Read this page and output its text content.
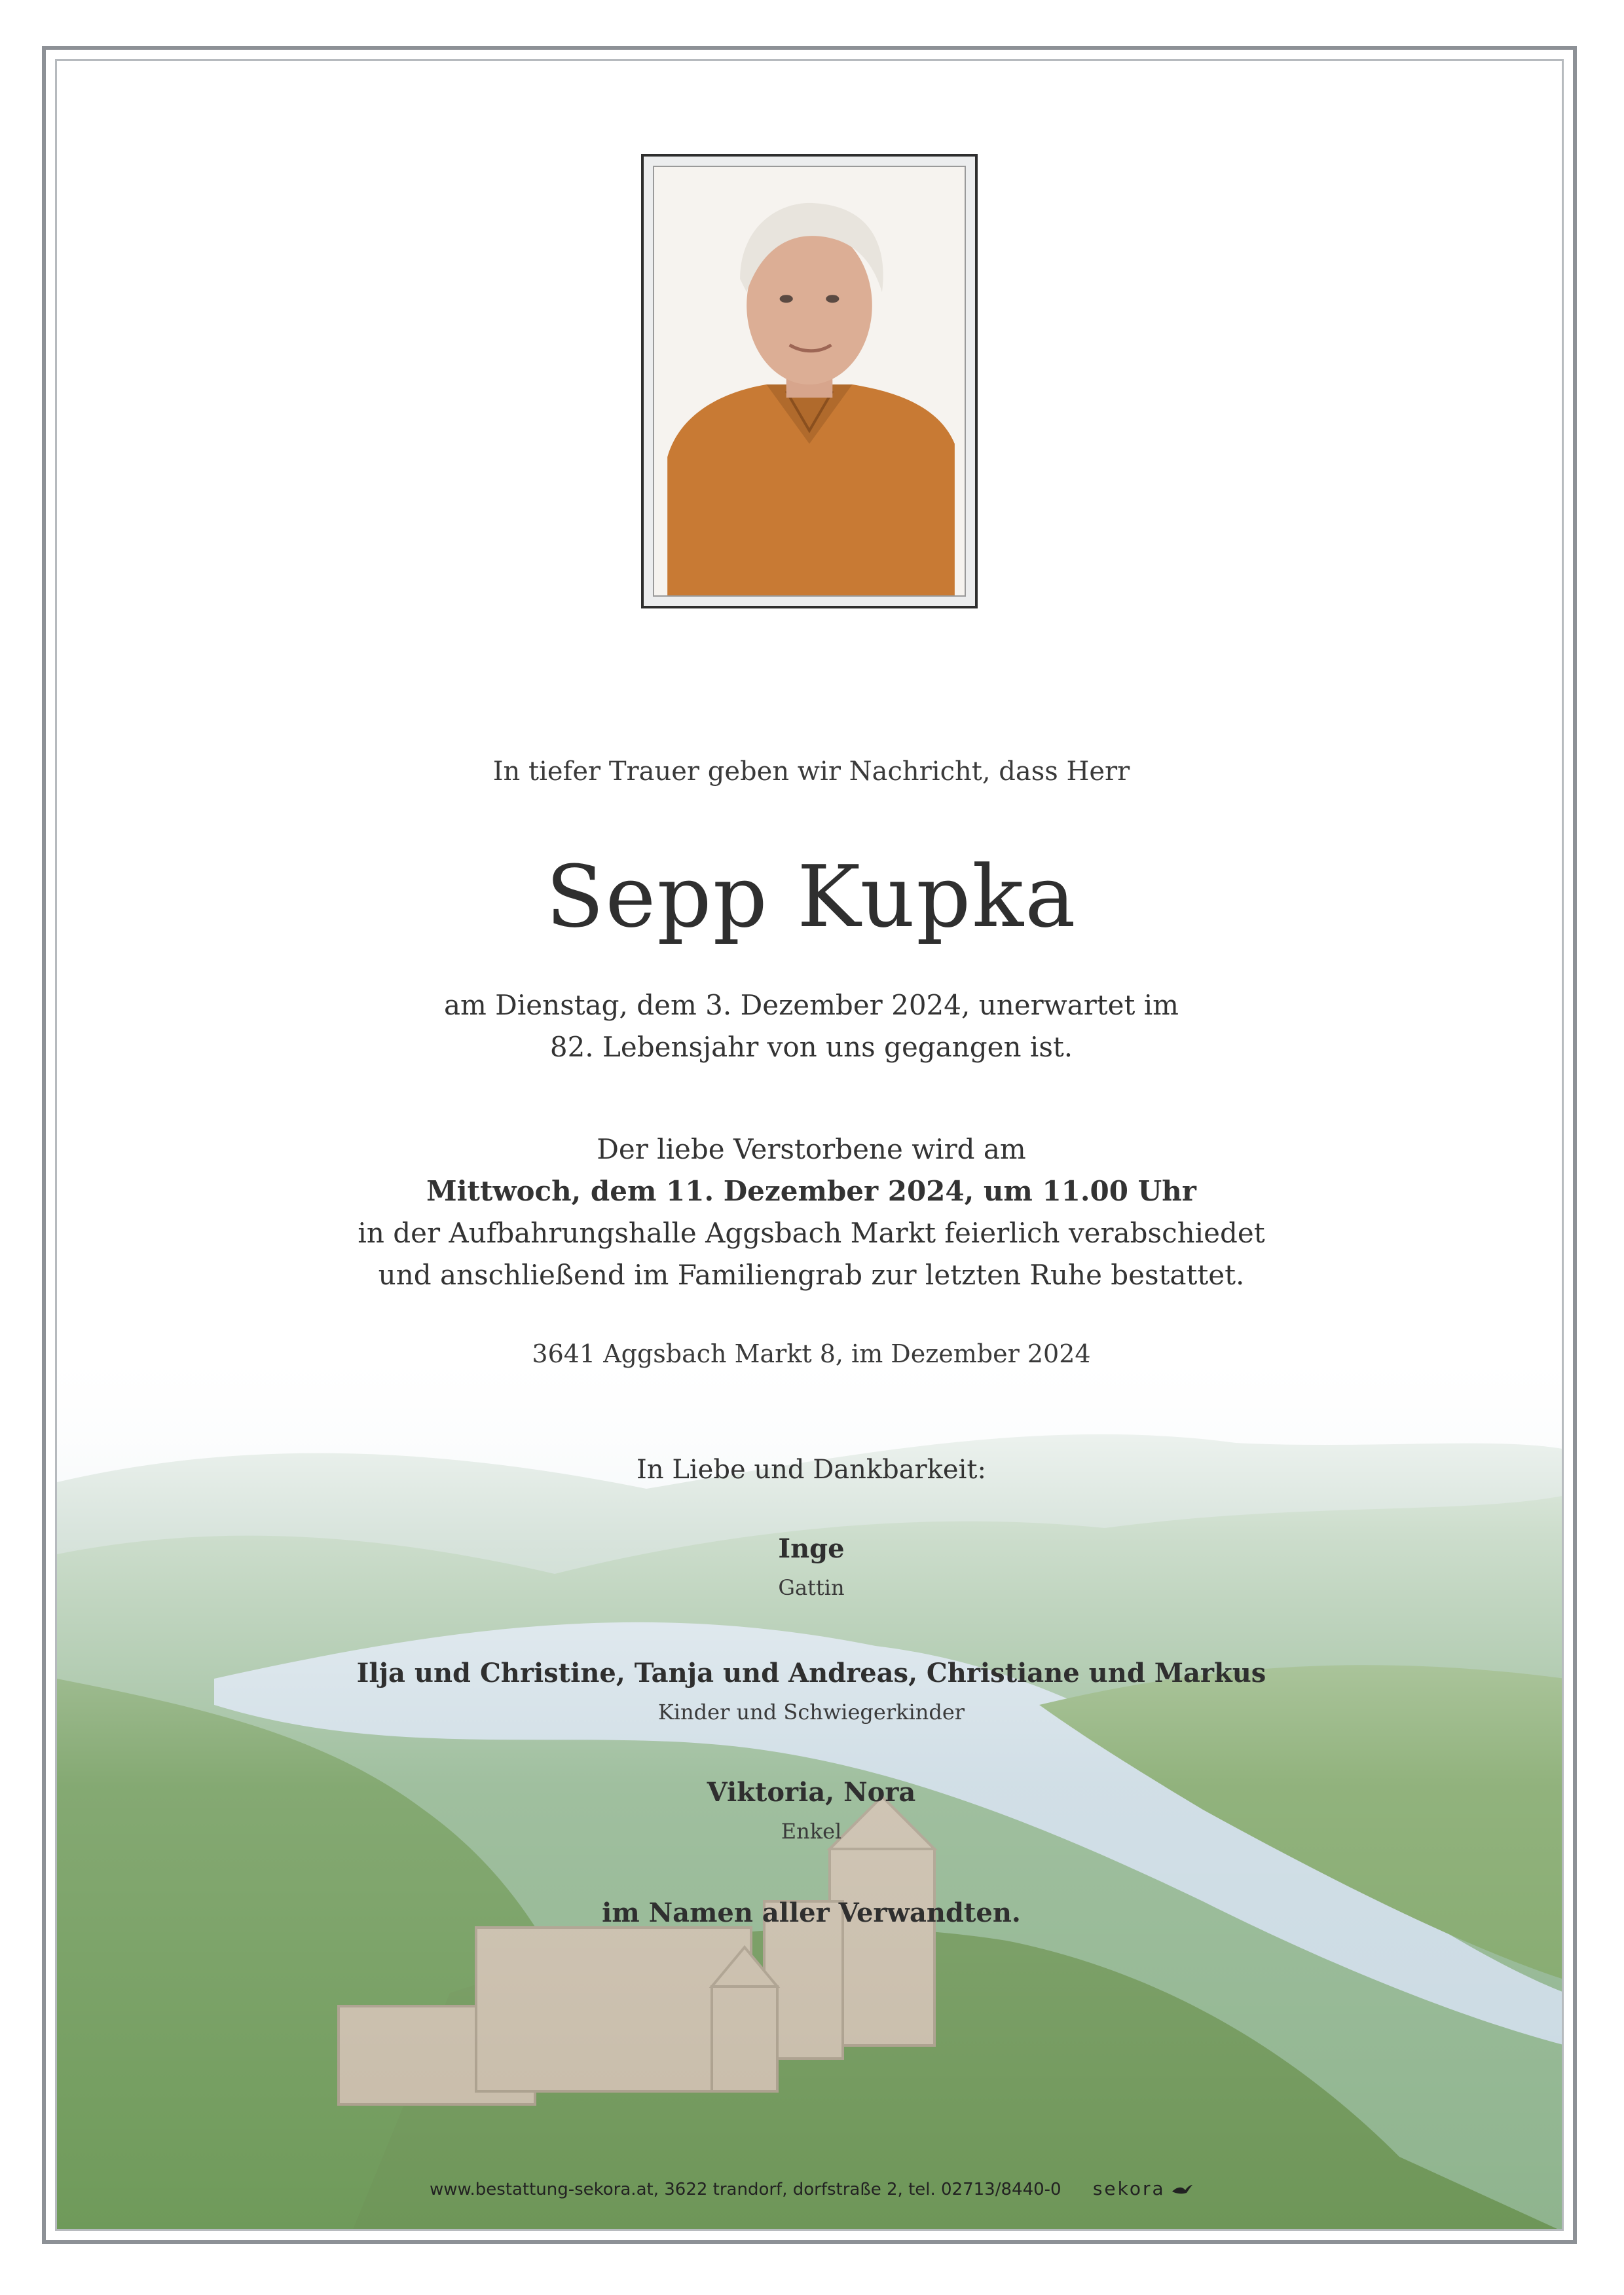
In tiefer Trauer geben wir Nachricht, dass Herr
Sepp Kupka
am Dienstag, dem 3. Dezember 2024, unerwartet im
82. Lebensjahr von uns gegangen ist.
Der liebe Verstorbene wird am
Mittwoch, dem 11. Dezember 2024, um 11.00 Uhr
in der Aufbahrungshalle Aggsbach Markt feierlich verabschiedet
und anschließend im Familiengrab zur letzten Ruhe bestattet.
3641 Aggsbach Markt 8, im Dezember 2024
In Liebe und Dankbarkeit:
Inge
Gattin
Ilja und Christine, Tanja und Andreas, Christiane und Markus
Kinder und Schwiegerkinder
Viktoria, Nora
Enkel
im Namen aller Verwandten.
www.bestattung-sekora.at, 3622 trandorf, dorfstraße 2, tel. 02713/8440-0 sekora
